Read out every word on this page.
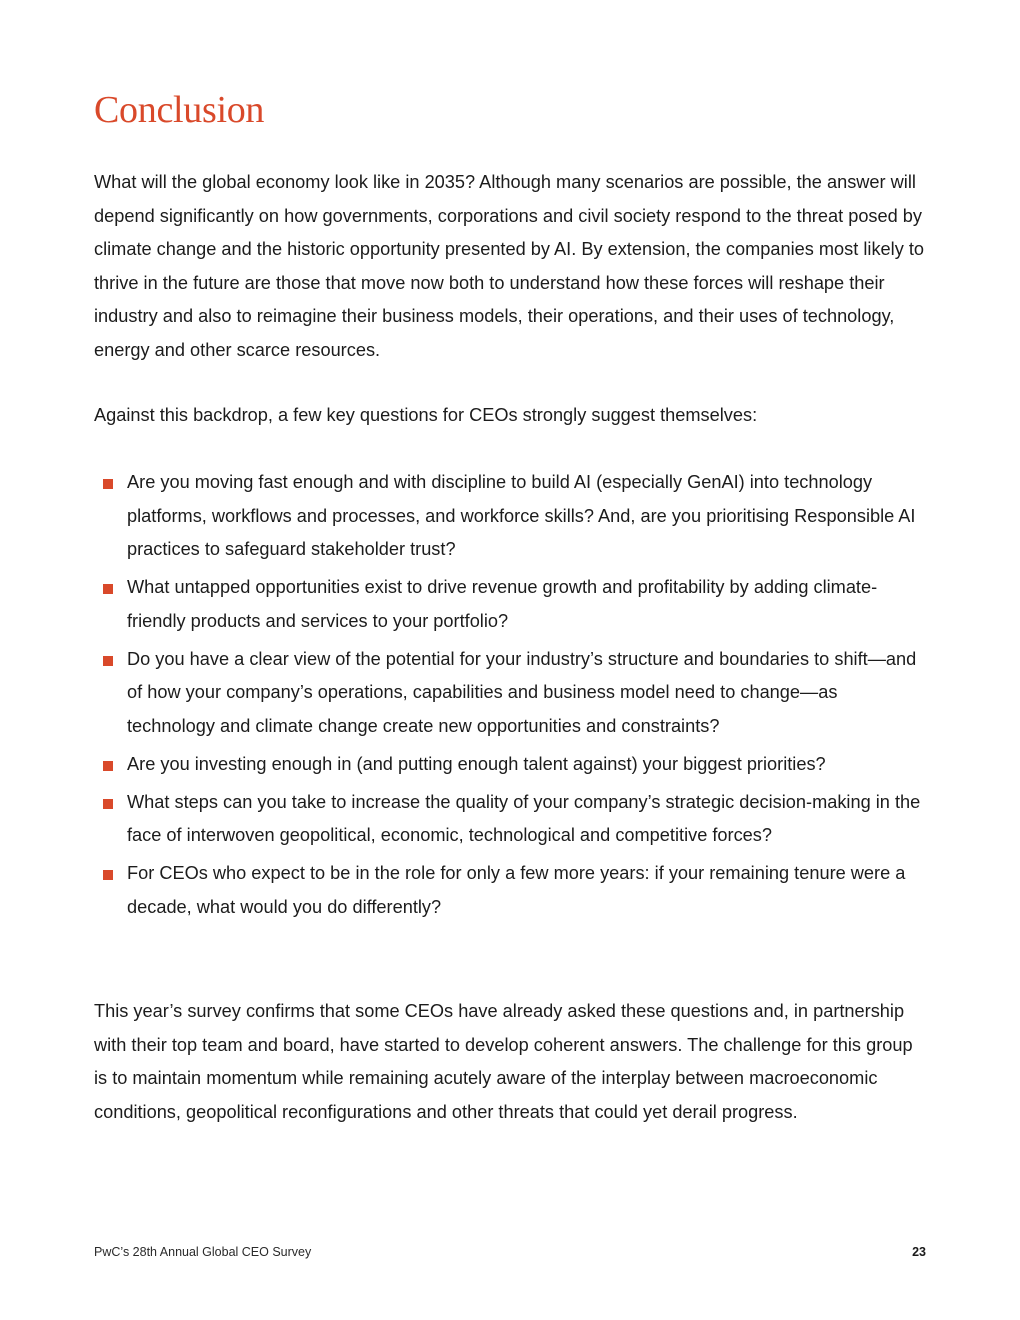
Conclusion

What will the global economy look like in 2035? Although many scenarios are possible, the answer will depend significantly on how governments, corporations and civil society respond to the threat posed by climate change and the historic opportunity presented by AI. By extension, the companies most likely to thrive in the future are those that move now both to understand how these forces will reshape their industry and also to reimagine their business models, their operations, and their uses of technology, energy and other scarce resources.

Against this backdrop, a few key questions for CEOs strongly suggest themselves:

Are you moving fast enough and with discipline to build AI (especially GenAI) into technology platforms, workflows and processes, and workforce skills? And, are you prioritising Responsible AI practices to safeguard stakeholder trust?
What untapped opportunities exist to drive revenue growth and profitability by adding climate-friendly products and services to your portfolio?
Do you have a clear view of the potential for your industry’s structure and boundaries to shift—and of how your company’s operations, capabilities and business model need to change—as technology and climate change create new opportunities and constraints?
Are you investing enough in (and putting enough talent against) your biggest priorities?
What steps can you take to increase the quality of your company’s strategic decision-making in the face of interwoven geopolitical, economic, technological and competitive forces?
For CEOs who expect to be in the role for only a few more years: if your remaining tenure were a decade, what would you do differently?

This year’s survey confirms that some CEOs have already asked these questions and, in partnership with their top team and board, have started to develop coherent answers. The challenge for this group is to maintain momentum while remaining acutely aware of the interplay between macroeconomic conditions, geopolitical reconfigurations and other threats that could yet derail progress.

PwC’s 28th Annual Global CEO Survey	23
